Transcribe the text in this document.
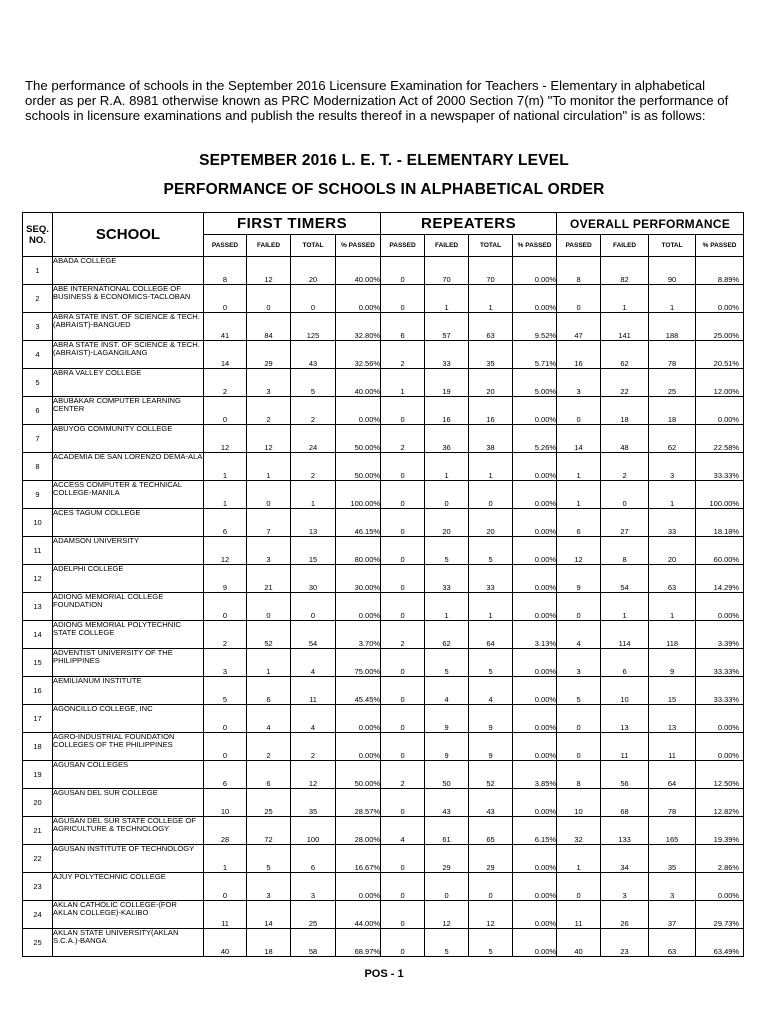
The performance of schools in the September 2016 Licensure Examination for Teachers - Elementary in alphabetical order as per R.A. 8981 otherwise known as PRC Modernization Act of 2000 Section 7(m) "To monitor the performance of schools in licensure examinations and publish the results thereof in a newspaper of national circulation" is as follows:
SEPTEMBER 2016 L. E. T. - ELEMENTARY LEVEL
PERFORMANCE OF SCHOOLS IN ALPHABETICAL ORDER
SEQ.
NO.	SCHOOL	FIRST TIMERS				REPEATERS				OVERALL PERFORMANCE			
		PASSED	FAILED	TOTAL	% PASSED	PASSED	FAILED	TOTAL	% PASSED	PASSED	FAILED	TOTAL	% PASSED
1	ABADA COLLEGE	8	12	20	40.00%	0	70	70	0.00%	8	82	90	8.89%
2	ABE INTERNATIONAL COLLEGE OF BUSINESS & ECONOMICS-TACLOBAN	0	0	0	0.00%	0	1	1	0.00%	0	1	1	0.00%
3	ABRA STATE INST. OF SCIENCE & TECH.(ABRAIST)-BANGUED	41	84	125	32.80%	6	57	63	9.52%	47	141	188	25.00%
4	ABRA STATE INST. OF SCIENCE & TECH.(ABRAIST)-LAGANGILANG	14	29	43	32.56%	2	33	35	5.71%	16	62	78	20.51%
5	ABRA VALLEY COLLEGE	2	3	5	40.00%	1	19	20	5.00%	3	22	25	12.00%
6	ABUBAKAR COMPUTER LEARNING CENTER	0	2	2	0.00%	0	16	16	0.00%	0	18	18	0.00%
7	ABUYOG COMMUNITY COLLEGE	12	12	24	50.00%	2	36	38	5.26%	14	48	62	22.58%
8	ACADEMIA DE SAN LORENZO DEMA-ALA	1	1	2	50.00%	0	1	1	0.00%	1	2	3	33.33%
9	ACCESS COMPUTER & TECHNICAL COLLEGE-MANILA	1	0	1	100.00%	0	0	0	0.00%	1	0	1	100.00%
10	ACES TAGUM COLLEGE	6	7	13	46.15%	0	20	20	0.00%	6	27	33	18.18%
11	ADAMSON UNIVERSITY	12	3	15	80.00%	0	5	5	0.00%	12	8	20	60.00%
12	ADELPHI COLLEGE	9	21	30	30.00%	0	33	33	0.00%	9	54	63	14.29%
13	ADIONG MEMORIAL COLLEGE FOUNDATION	0	0	0	0.00%	0	1	1	0.00%	0	1	1	0.00%
14	ADIONG MEMORIAL POLYTECHNIC STATE COLLEGE	2	52	54	3.70%	2	62	64	3.13%	4	114	118	3.39%
15	ADVENTIST UNIVERSITY OF THE PHILIPPINES	3	1	4	75.00%	0	5	5	0.00%	3	6	9	33.33%
16	AEMILIANUM INSTITUTE	5	6	11	45.45%	0	4	4	0.00%	5	10	15	33.33%
17	AGONCILLO COLLEGE, INC	0	4	4	0.00%	0	9	9	0.00%	0	13	13	0.00%
18	AGRO-INDUSTRIAL FOUNDATION COLLEGES OF THE PHILIPPINES	0	2	2	0.00%	0	9	9	0.00%	0	11	11	0.00%
19	AGUSAN COLLEGES	6	6	12	50.00%	2	50	52	3.85%	8	56	64	12.50%
20	AGUSAN DEL SUR COLLEGE	10	25	35	28.57%	0	43	43	0.00%	10	68	78	12.82%
21	AGUSAN DEL SUR STATE COLLEGE OF AGRICULTURE & TECHNOLOGY	28	72	100	28.00%	4	61	65	6.15%	32	133	165	19.39%
22	AGUSAN INSTITUTE OF TECHNOLOGY	1	5	6	16.67%	0	29	29	0.00%	1	34	35	2.86%
23	AJUY POLYTECHNIC COLLEGE	0	3	3	0.00%	0	0	0	0.00%	0	3	3	0.00%
24	AKLAN CATHOLIC COLLEGE-(FOR AKLAN COLLEGE)-KALIBO	11	14	25	44.00%	0	12	12	0.00%	11	26	37	29.73%
25	AKLAN STATE UNIVERSITY(AKLAN S.C.A.)-BANGA	40	18	58	68.97%	0	5	5	0.00%	40	23	63	63.49%
POS - 1
